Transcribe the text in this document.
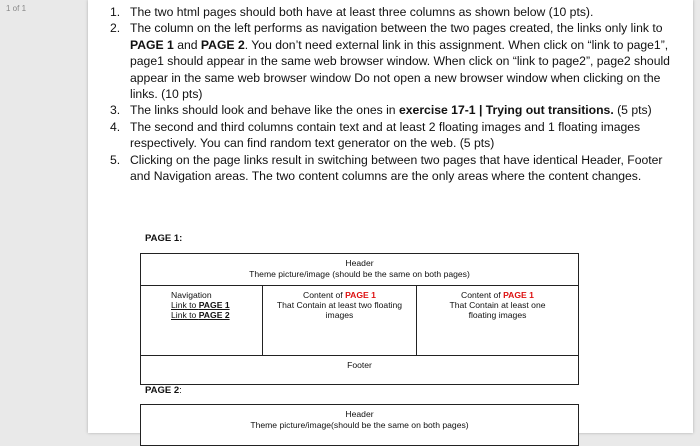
1 of 1	1. The two html pages should both have at least three columns as shown below (10 pts).
2. The column on the left performs as navigation between the two pages created, the links only link to PAGE 1 and PAGE 2. You don’t need external link in this assignment. When click on “link to page1”, page1 should appear in the same web browser window. When click on “link to page2”, page2 should appear in the same web browser window Do not open a new browser window when clicking on the links. (10 pts)
3. The links should look and behave like the ones in exercise 17-1 | Trying out transitions. (5 pts)
4. The second and third columns contain text and at least 2 floating images and 1 floating images respectively. You can find random text generator on the web. (5 pts)
5. Clicking on the page links result in switching between two pages that have identical Header, Footer and Navigation areas. The two content columns are the only areas where the content changes.
PAGE 1:
Header
Theme picture/image (should be the same on both pages)
Navigation
Link to PAGE 1
Link to PAGE 2
Content of PAGE 1
That Contain at least two floating
images
Content of PAGE 1
That Contain at least one
floating images
Footer
PAGE 2:
Header
Theme picture/image(should be the same on both pages)
